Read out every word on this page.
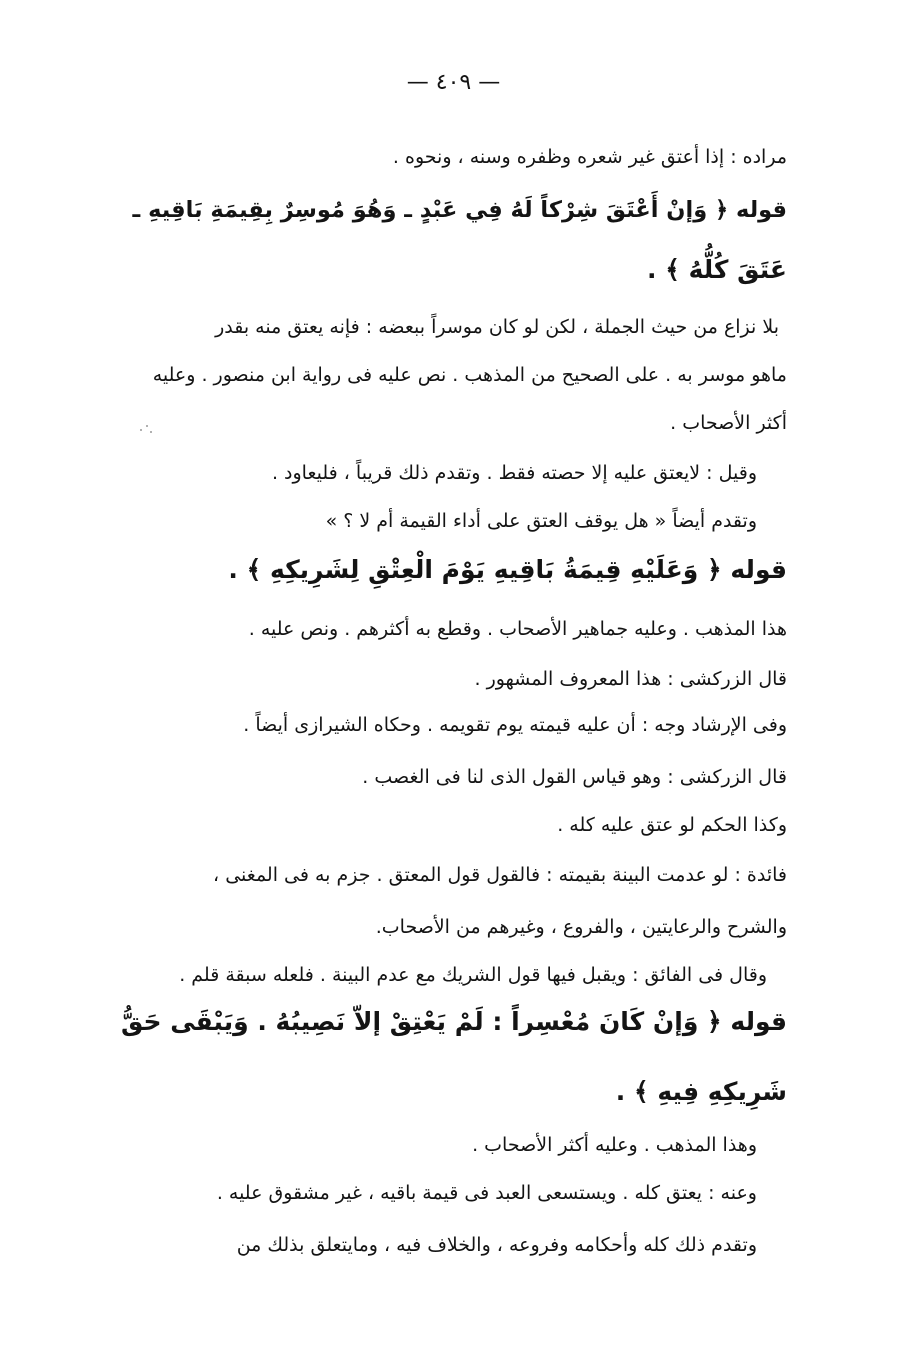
— ٤٠٩ —
مراده : إذا أعتق غير شعره وظفره وسنه ، ونحوه .
قوله ﴿ وَإنْ أَعْتَقَ شِرْكاً لَهُ فِي عَبْدٍ ـ وَهُوَ مُوسِرٌ بِقِيمَةِ بَاقِيهِ ـ
عَتَقَ كُلُّهُ ﴾ .
بلا نزاع من حيث الجملة ، لكن لو كان موسراً ببعضه : فإنه يعتق منه بقدر
ماهو موسر به . على الصحيح من المذهب . نص عليه فى رواية ابن منصور . وعليه
أكثر الأصحاب .
وقيل : لايعتق عليه إلا حصته فقط . وتقدم ذلك قريباً ، فليعاود .
وتقدم أيضاً « هل يوقف العتق على أداء القيمة أم لا ؟ »
قوله ﴿ وَعَلَيْهِ قِيمَةُ بَاقِيهِ يَوْمَ الْعِتْقِ لِشَرِيكِهِ ﴾ .
هذا المذهب . وعليه جماهير الأصحاب . وقطع به أكثرهم . ونص عليه .
قال الزركشى : هذا المعروف المشهور .
وفى الإرشاد وجه : أن عليه قيمته يوم تقويمه . وحكاه الشيرازى أيضاً .
قال الزركشى : وهو قياس القول الذى لنا فى الغصب .
وكذا الحكم لو عتق عليه كله .
فائدة : لو عدمت البينة بقيمته : فالقول قول المعتق . جزم به فى المغنى ،
والشرح والرعايتين ، والفروع ، وغيرهم من الأصحاب.
وقال فى الفائق : ويقبل فيها قول الشريك مع عدم البينة . فلعله سبقة قلم .
قوله ﴿ وَإنْ كَانَ مُعْسِراً : لَمْ يَعْتِقْ إلاّ نَصِيبُهُ . وَيَبْقَى حَقُّ
شَرِيكِهِ فِيهِ ﴾ .
وهذا المذهب . وعليه أكثر الأصحاب .
وعنه : يعتق كله . ويستسعى العبد فى قيمة باقيه ، غير مشقوق عليه .
وتقدم ذلك كله وأحكامه وفروعه ، والخلاف فيه ، ومايتعلق بذلك من
